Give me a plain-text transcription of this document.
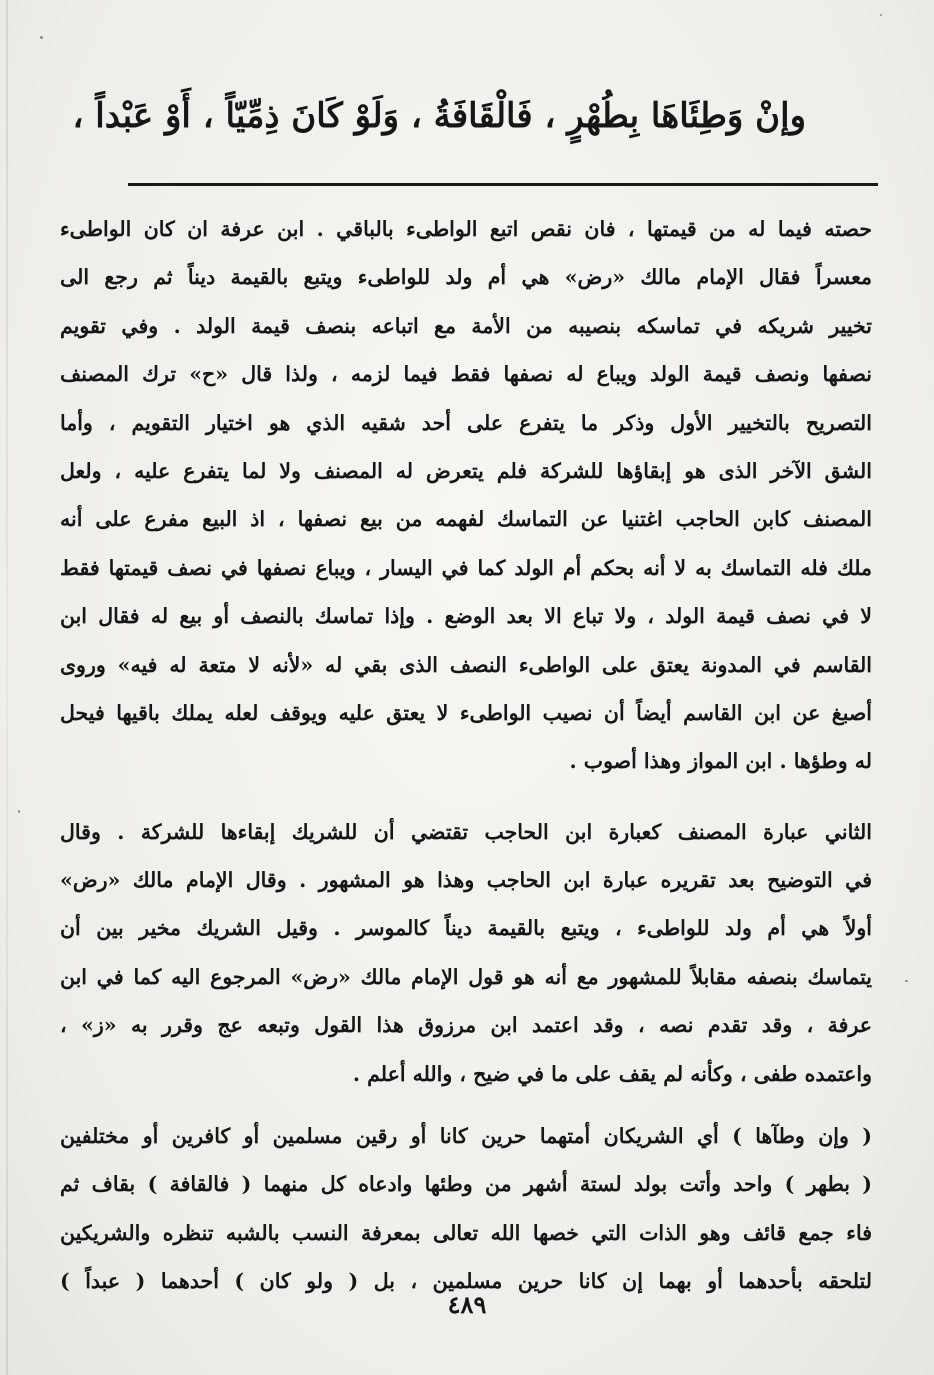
وإنْ وَطِئَاهَا بِطُهْرٍ ، فَالْقَافَةُ ، وَلَوْ كَانَ ذِمِّيّاً ، أَوْ عَبْداً ،
حصته فيما له من قيمتها ، فان نقص اتبع الواطىء بالباقي . ابن عرفة ان كان الواطىء
معسراً فقال الإمام مالك «رض» هي أم ولد للواطىء ويتبع بالقيمة ديناً ثم رجع الى
تخيير شريكه في تماسكه بنصيبه من الأمة مع اتباعه بنصف قيمة الولد . وفي تقويم
نصفها ونصف قيمة الولد ويباع له نصفها فقط فيما لزمه ، ولذا قال «ح» ترك المصنف
التصريح بالتخيير الأول وذكر ما يتفرع على أحد شقيه الذي هو اختيار التقويم ، وأما
الشق الآخر الذى هو إبقاؤها للشركة فلم يتعرض له المصنف ولا لما يتفرع عليه ، ولعل
المصنف كابن الحاجب اغتنيا عن التماسك لفهمه من بيع نصفها ، اذ البيع مفرع على أنه
ملك فله التماسك به لا أنه بحكم أم الولد كما في اليسار ، ويباع نصفها في نصف قيمتها فقط
لا في نصف قيمة الولد ، ولا تباع الا بعد الوضع . وإذا تماسك بالنصف أو بيع له فقال ابن
القاسم في المدونة يعتق على الواطىء النصف الذى بقي له «لأنه لا متعة له فيه» وروى
أصبغ عن ابن القاسم أيضاً أن نصيب الواطىء لا يعتق عليه ويوقف لعله يملك باقيها فيحل
له وطؤها . ابن المواز وهذا أصوب .
الثاني عبارة المصنف كعبارة ابن الحاجب تقتضي أن للشريك إبقاءها للشركة . وقال
في التوضيح بعد تقريره عبارة ابن الحاجب وهذا هو المشهور . وقال الإمام مالك «رض»
أولاً هي أم ولد للواطىء ، ويتبع بالقيمة ديناً كالموسر . وقيل الشريك مخير بين أن
يتماسك بنصفه مقابلاً للمشهور مع أنه هو قول الإمام مالك «رض» المرجوع اليه كما في ابن
عرفة ، وقد تقدم نصه ، وقد اعتمد ابن مرزوق هذا القول وتبعه عج وقرر به «ز» ،
واعتمده طفى ، وكأنه لم يقف على ما في ضيح ، والله أعلم .
( وإن وطآها ) أي الشريكان أمتهما حرين كانا أو رقين مسلمين أو كافرين أو مختلفين
( بطهر ) واحد وأتت بولد لستة أشهر من وطئها وادعاه كل منهما ( فالقافة ) بقاف ثم
فاء جمع قائف وهو الذات التي خصها الله تعالى بمعرفة النسب بالشبه تنظره والشريكين
لتلحقه بأحدهما أو بهما إن كانا حرين مسلمين ، بل ( ولو كان ) أحدهما ( عبداً )
٤٨٩
